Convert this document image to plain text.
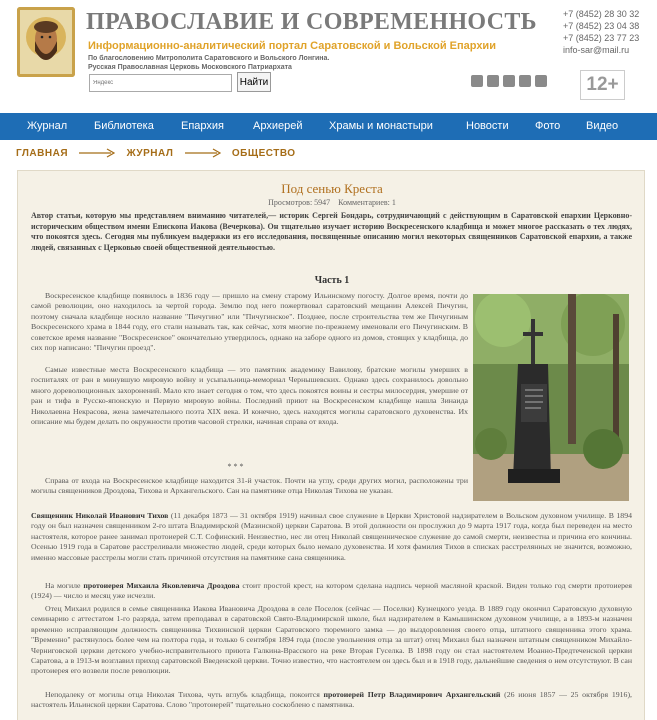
ПРАВОСЛАВИЕ И СОВРЕМЕННОСТЬ
Информационно-аналитический портал Саратовской и Вольской Епархии
По благословению Митрополита Саратовского и Вольского Лонгина.
Русская Православная Церковь Московского Патриархата
Яндекс
Найти
+7 (8452) 28 30 32
+7 (8452) 23 04 38
+7 (8452) 23 77 23
info-sar@mail.ru
12+
Журнал Библиотека Епархия	Архиерей Храмы и монастыри	Новости Фото Видео
ГЛАВНАЯ	ЖУРНАЛ	ОБЩЕСТВО
Под сенью Креста
Просмотров: 5947 Комментариев: 1
Автор статьи, которую мы представляем вниманию читателей,— историк Сергей Бондарь, сотрудничающий с действующим в Саратовской епархии Церковно-историческим обществом имени Епископа Иакова (Вечеркова). Он тщательно изучает историю Воскресенского кладбища и может многое рассказать о тех людях, что покоятся здесь. Сегодня мы публикуем выдержки из его исследования, посвященные описанию могил некоторых священников Саратовской епархии, а также людей, связанных с Церковью своей общественной деятельностью.
Часть 1
Воскресенское кладбище появилось в 1836 году — пришло на смену старому Ильинскому погосту. Долгое время, почти до самой революции, оно находилось за чертой города. Землю под него пожертвовал саратовский мещанин Алексей Пичугин, поэтому сначала кладбище носило название "Пичугино" или "Пичугинское". Позднее, после строительства тем же Пичугиным Воскресенского храма в 1844 году, его стали называть так, как сейчас, хотя многие по-прежнему именовали его Пичугинским. В советское время название "Воскресенское" окончательно утвердилось, однако на заборе одного из домов, стоящих у кладбища, до сих пор написано: "Пичугин проезд".
Самые известные места Воскресенского кладбища — это памятник академику Вавилову, братские могилы умерших в госпиталях от ран в минувшую мировую войну и усыпальница-мемориал Чернышевских. Однако здесь сохранилось довольно много дореволюционных захоронений. Мало кто знает сегодня о том, что здесь покоятся воины и сестры милосердия, умершие от ран и тифа в Русско-японскую и Первую мировую войны. Последний приют на Воскресенском кладбище нашла Зинаида Николаевна Некрасова, жена замечательного поэта XIX века. И конечно, здесь находятся могилы саратовского духовенства. Их описание мы будем делать по окружности против часовой стрелки, начиная справа от входа.
* * *
Справа от входа на Воскресенское кладбище находится 31-й участок. Почти на углу, среди других могил, расположены три могилы священников Дроздова, Тихова и Архангельского. Сан на памятнике отца Николая Тихова не указан.
Священник Николай Иванович Тихов (11 декабря 1873 — 31 октября 1919) начинал свое служение в Церкви Христовой надзирателем в Вольском духовном училище. В 1894 году он был назначен священником 2-го штата Владимирской (Мазинской) церкви Саратова. В этой должности он прослужил до 9 марта 1917 года, когда был переведен на место настоятеля, которое ранее занимал протоиерей С.Т. Софинский. Неизвестно, нес ли отец Николай священническое служение до самой смерти, неизвестна и причина его кончины. Осенью 1919 года в Саратове расстреливали множество людей, среди которых было немало духовенства. И хотя фамилия Тихов в списках расстрелянных не значится, возможно, именно массовые расстрелы могли стать причиной отсутствия на памятнике сана священника.
На могиле протоиерея Михаила Яковлевича Дроздова стоит простой крест, на котором сделана надпись черной масляной краской. Виден только год смерти протоиерея (1924) — число и месяц уже исчезли.
Отец Михаил родился в семье священника Иакова Ивановича Дроздова в селе Поселок (сейчас — Поселки) Кузнецкого уезда. В 1889 году окончил Саратовскую духовную семинарию с аттестатом 1-го разряда, затем преподавал в саратовской Свято-Владимирской школе, был надзирателем в Камышинском духовном училище, а в 1893-м назначен временно исправляющим должность священника Тихвинской церкви Саратовского тюремного замка — до выздоровления своего отца, штатного священника этого храма. "Временно" растянулось более чем на полтора года, и только 6 сентября 1894 года (после увольнения отца за штат) отец Михаил был назначен штатным священником Михайло-Черниговской церкви детского учебно-исправительного приюта Галкина-Врасского на реке Вторая Гуселка. В 1898 году он стал настоятелем Иоанно-Предтеченской церкви Саратова, а в 1913-м возглавил приход саратовской Введенской церкви. Точно известно, что настоятелем он здесь был и в 1918 году, дальнейшие сведения о нем отсутствуют. В сан протоиерея его возвели после революции.
Неподалеку от могилы отца Николая Тихова, чуть вглубь кладбища, покоится протоиерей Петр Владимирович Архангельский (26 июня 1857 — 25 октября 1916), настоятель Ильинской церкви Саратова. Слово "протоиерей" тщательно соскоблено с памятника.
